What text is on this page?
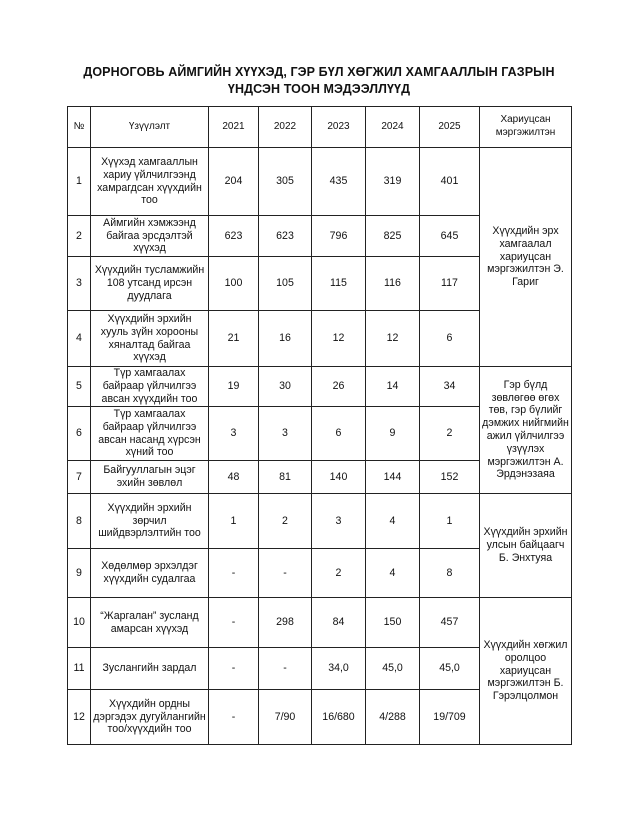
ДОРНОГОВЬ АЙМГИЙН ХҮҮХЭД, ГЭР БҮЛ ХӨГЖИЛ ХАМГААЛЛЫН ГАЗРЫН
ҮНДСЭН ТООН МЭДЭЭЛЛҮҮД
№	Үзүүлэлт	2021	2022	2023	2024	2025	Хариуцсан мэргэжилтэн
1	Хүүхэд хамгааллын хариу үйлчилгээнд хамрагдсан хүүхдийн тоо	204	305	435	319	401	Хүүхдийн эрх хамгаалал хариуцсан мэргэжилтэн Э. Гариг
2	Аймгийн хэмжээнд байгаа эрсдэлтэй хүүхэд	623	623	796	825	645	
3	Хүүхдийн тусламжийн 108 утсанд ирсэн дуудлага	100	105	115	116	117	
4	Хүүхдийн эрхийн хууль зүйн хорооны хяналтад байгаа хүүхэд	21	16	12	12	6	
5	Түр хамгаалах байраар үйлчилгээ авсан хүүхдийн тоо	19	30	26	14	34	Гэр бүлд зөвлөгөө өгөх төв, гэр бүлийг дэмжих нийгмийн ажил үйлчилгээ үзүүлэх мэргэжилтэн А. Эрдэнэзаяа
6	Түр хамгаалах байраар үйлчилгээ авсан насанд хүрсэн хүний тоо	3	3	6	9	2	
7	Байгууллагын эцэг эхийн зөвлөл	48	81	140	144	152	
8	Хүүхдийн эрхийн зөрчил шийдвэрлэлтийн тоо	1	2	3	4	1	Хүүхдийн эрхийн улсын байцаагч Б. Энхтуяа
9	Хөдөлмөр эрхэлдэг хүүхдийн судалгаа	-	-	2	4	8	
10	“Жаргалан” зусланд амарсан хүүхэд	-	298	84	150	457	Хүүхдийн хөгжил оролцоо хариуцсан мэргэжилтэн Б. Гэрэлцолмон
11	Зуслангийн зардал	-	-	34,0	45,0	45,0	
12	Хүүхдийн ордны дэргэдэх дугуйлангийн тоо/хүүхдийн тоо	-	7/90	16/680	4/288	19/709	
